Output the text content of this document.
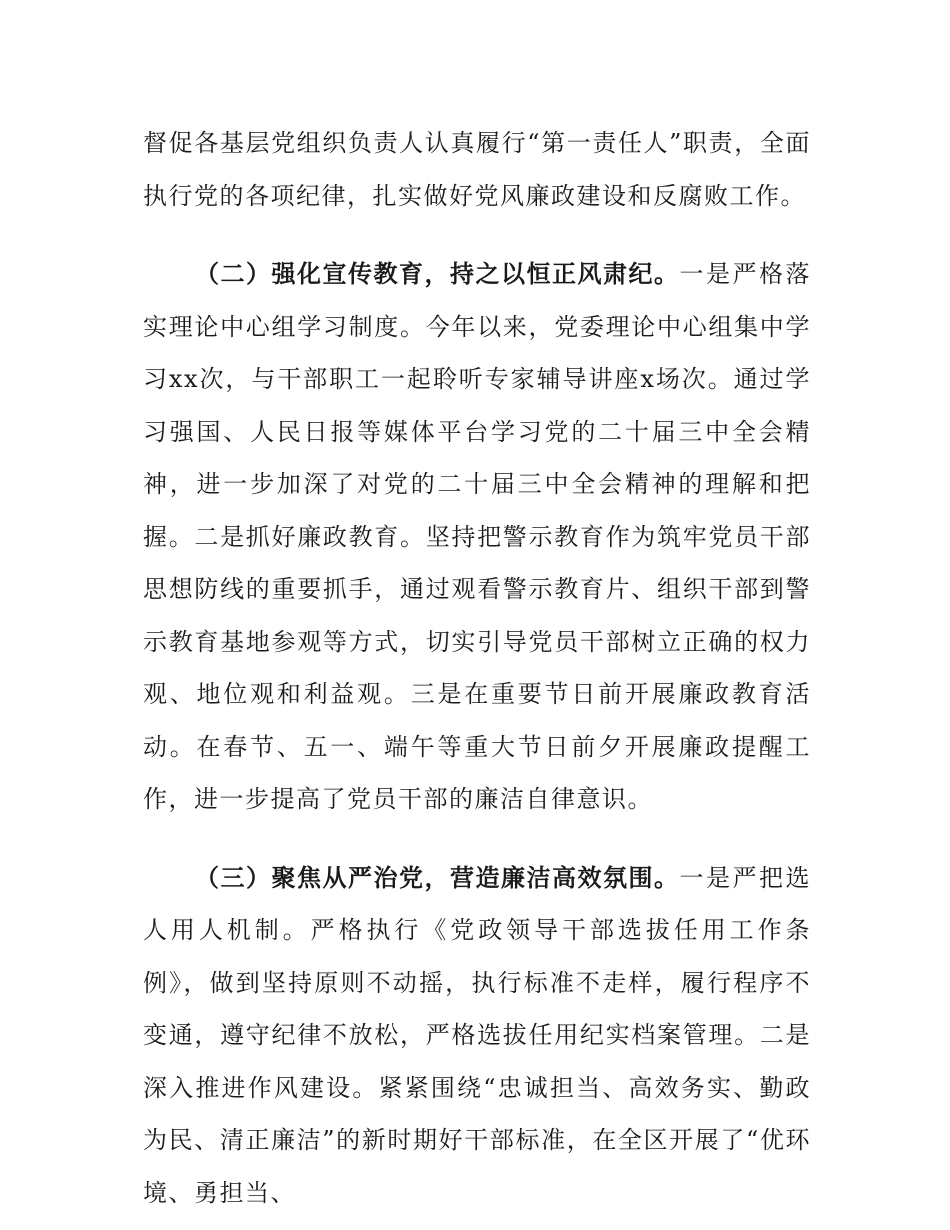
督促各基层党组织负责人认真履行“第一责任人”职责，全面执行党的各项纪律，扎实做好党风廉政建设和反腐败工作。

（二）强化宣传教育，持之以恒正风肃纪。一是严格落实理论中心组学习制度。今年以来，党委理论中心组集中学习xx次，与干部职工一起聆听专家辅导讲座x场次。通过学习强国、人民日报等媒体平台学习党的二十届三中全会精神，进一步加深了对党的二十届三中全会精神的理解和把握。二是抓好廉政教育。坚持把警示教育作为筑牢党员干部思想防线的重要抓手，通过观看警示教育片、组织干部到警示教育基地参观等方式，切实引导党员干部树立正确的权力观、地位观和利益观。三是在重要节日前开展廉政教育活动。在春节、五一、端午等重大节日前夕开展廉政提醒工作，进一步提高了党员干部的廉洁自律意识。

（三）聚焦从严治党，营造廉洁高效氛围。一是严把选人用人机制。严格执行《党政领导干部选拔任用工作条例》，做到坚持原则不动摇，执行标准不走样，履行程序不变通，遵守纪律不放松，严格选拔任用纪实档案管理。二是深入推进作风建设。紧紧围绕“忠诚担当、高效务实、勤政为民、清正廉洁”的新时期好干部标准，在全区开展了“优环境、勇担当、
